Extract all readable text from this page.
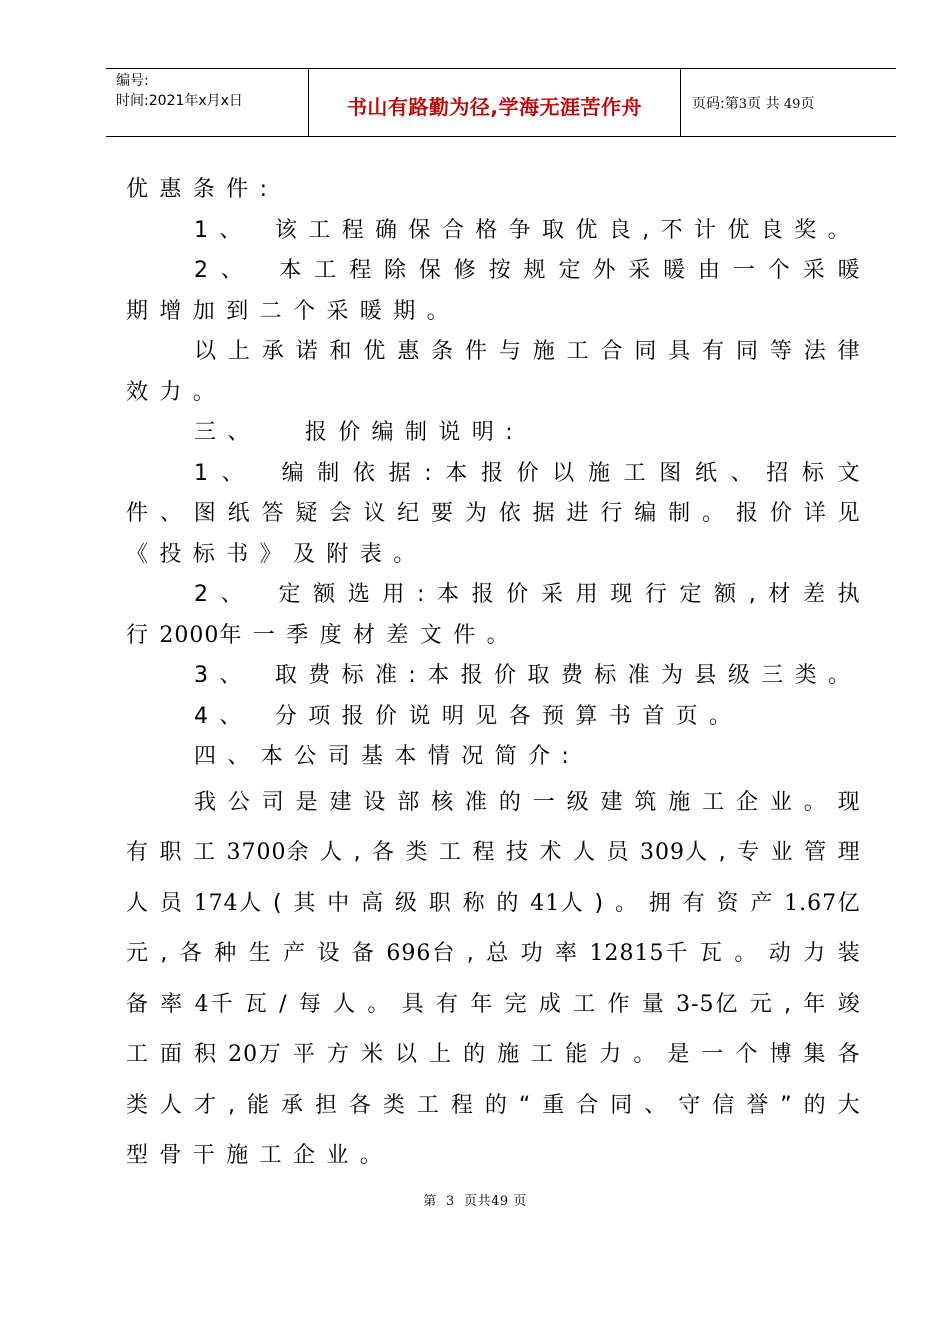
编号:
时间:2021年x月x日	书山有路勤为径,学海无涯苦作舟	页码:第3页 共 49页

优惠条件:

1、 该工程确保合格争取优良,不计优良奖。

2、 本工程除保修按规定外采暖由一个采暖期增加到二个采暖期。

以上承诺和优惠条件与施工合同具有同等法律效力。

三、 报价编制说明:

1、 编制依据:本报价以施工图纸、招标文件、图纸答疑会议纪要为依据进行编制。报价详见《投标书》及附表。

2、 定额选用:本报价采用现行定额,材差执行2000年一季度材差文件。

3、 取费标准:本报价取费标准为县级三类。

4、 分项报价说明见各预算书首页。

四、本公司基本情况简介:

我公司是建设部核准的一级建筑施工企业。现有职工3700余人,各类工程技术人员309人,专业管理人员174人(其中高级职称的41人)。拥有资产1.67亿元,各种生产设备696台,总功率12815千瓦。动力装备率4千瓦/每人。具有年完成工作量3-5亿元,年竣工面积20万平方米以上的施工能力。是一个博集各类人才,能承担各类工程的“重合同、守信誉”的大型骨干施工企业。

第 3 页共49 页
